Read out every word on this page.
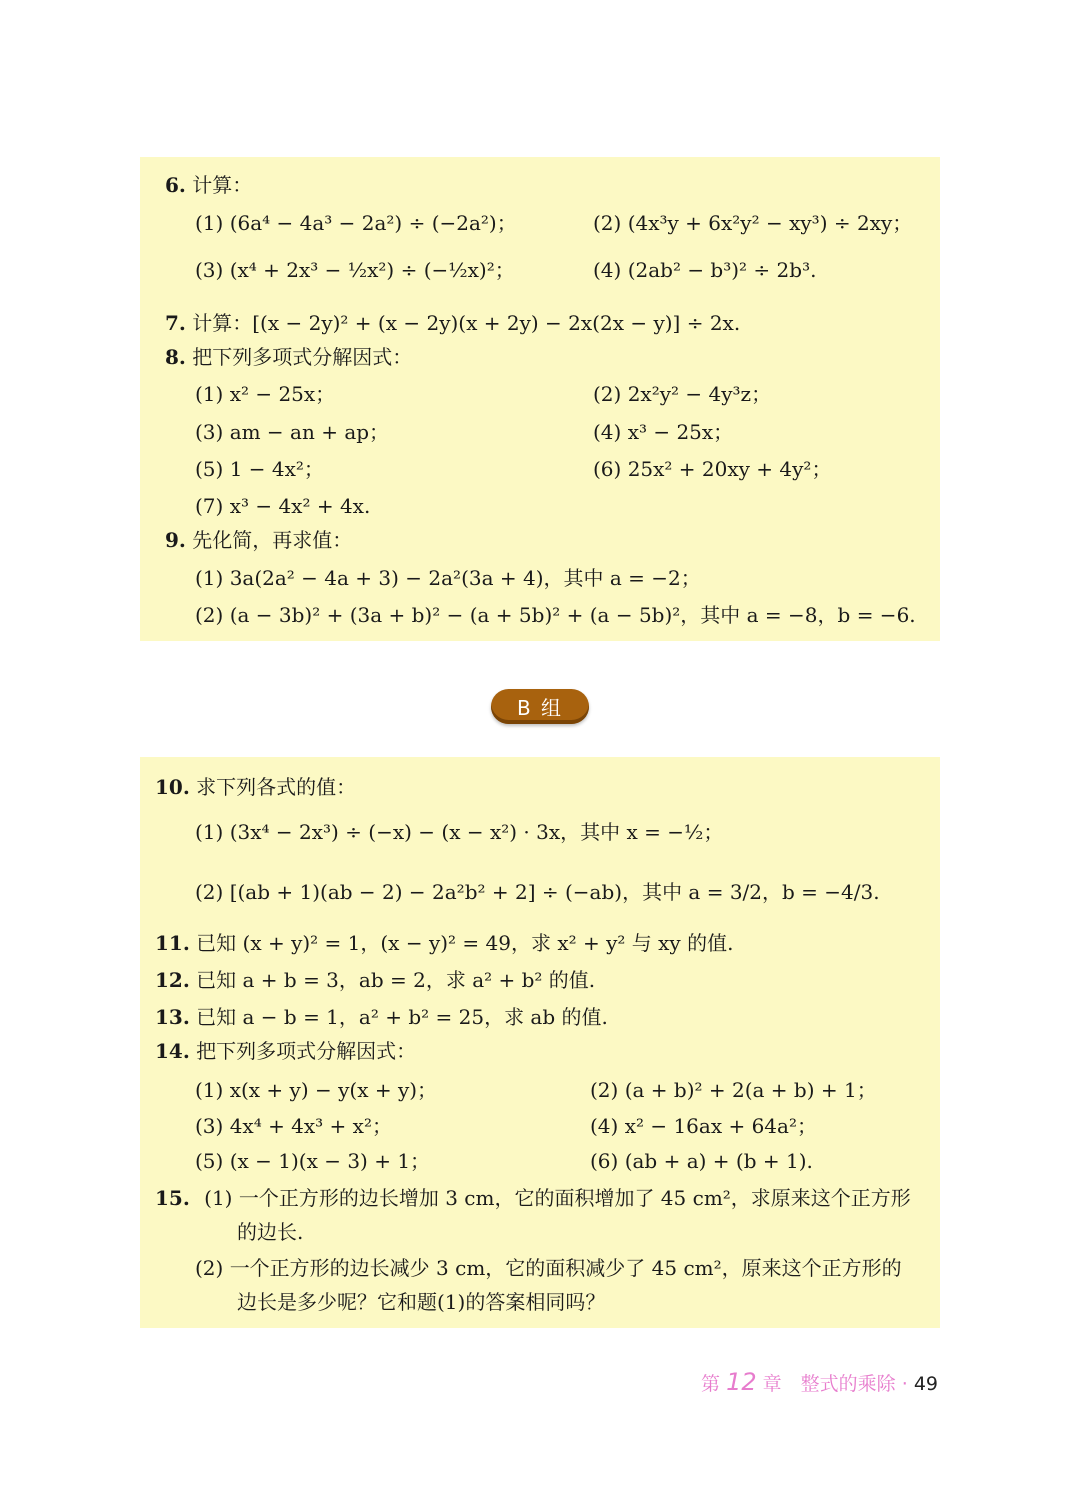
6. 计算：
(1) (6a⁴ − 4a³ − 2a²) ÷ (−2a²)；	(2) (4x³y + 6x²y² − xy³) ÷ 2xy；
(3) (x⁴ + 2x³ − ½x²) ÷ (−½x)²；	(4) (2ab² − b³)² ÷ 2b³.
7. 计算：[(x − 2y)² + (x − 2y)(x + 2y) − 2x(2x − y)] ÷ 2x.
8. 把下列多项式分解因式：
(1) x² − 25x；	(2) 2x²y² − 4y³z；
(3) am − an + ap；	(4) x³ − 25x；
(5) 1 − 4x²；	(6) 25x² + 20xy + 4y²；
(7) x³ − 4x² + 4x.
9. 先化简，再求值：
(1) 3a(2a² − 4a + 3) − 2a²(3a + 4)，其中 a = −2；
(2) (a − 3b)² + (3a + b)² − (a + 5b)² + (a − 5b)²，其中 a = −8，b = −6.
B 组
10. 求下列各式的值：
(1) (3x⁴ − 2x³) ÷ (−x) − (x − x²) · 3x，其中 x = −½；
(2) [(ab + 1)(ab − 2) − 2a²b² + 2] ÷ (−ab)，其中 a = 3/2，b = −4/3.
11. 已知 (x + y)² = 1，(x − y)² = 49，求 x² + y² 与 xy 的值.
12. 已知 a + b = 3，ab = 2，求 a² + b² 的值.
13. 已知 a − b = 1，a² + b² = 25，求 ab 的值.
14. 把下列多项式分解因式：
(1) x(x + y) − y(x + y)；	(2) (a + b)² + 2(a + b) + 1；
(3) 4x⁴ + 4x³ + x²；	(4) x² − 16ax + 64a²；
(5) (x − 1)(x − 3) + 1；	(6) (ab + a) + (b + 1).
15. (1) 一个正方形的边长增加 3 cm，它的面积增加了 45 cm²，求原来这个正方形
的边长.
(2) 一个正方形的边长减少 3 cm，它的面积减少了 45 cm²，原来这个正方形的
边长是多少呢？它和题(1)的答案相同吗？
第 12 章　整式的乘除 · 49
